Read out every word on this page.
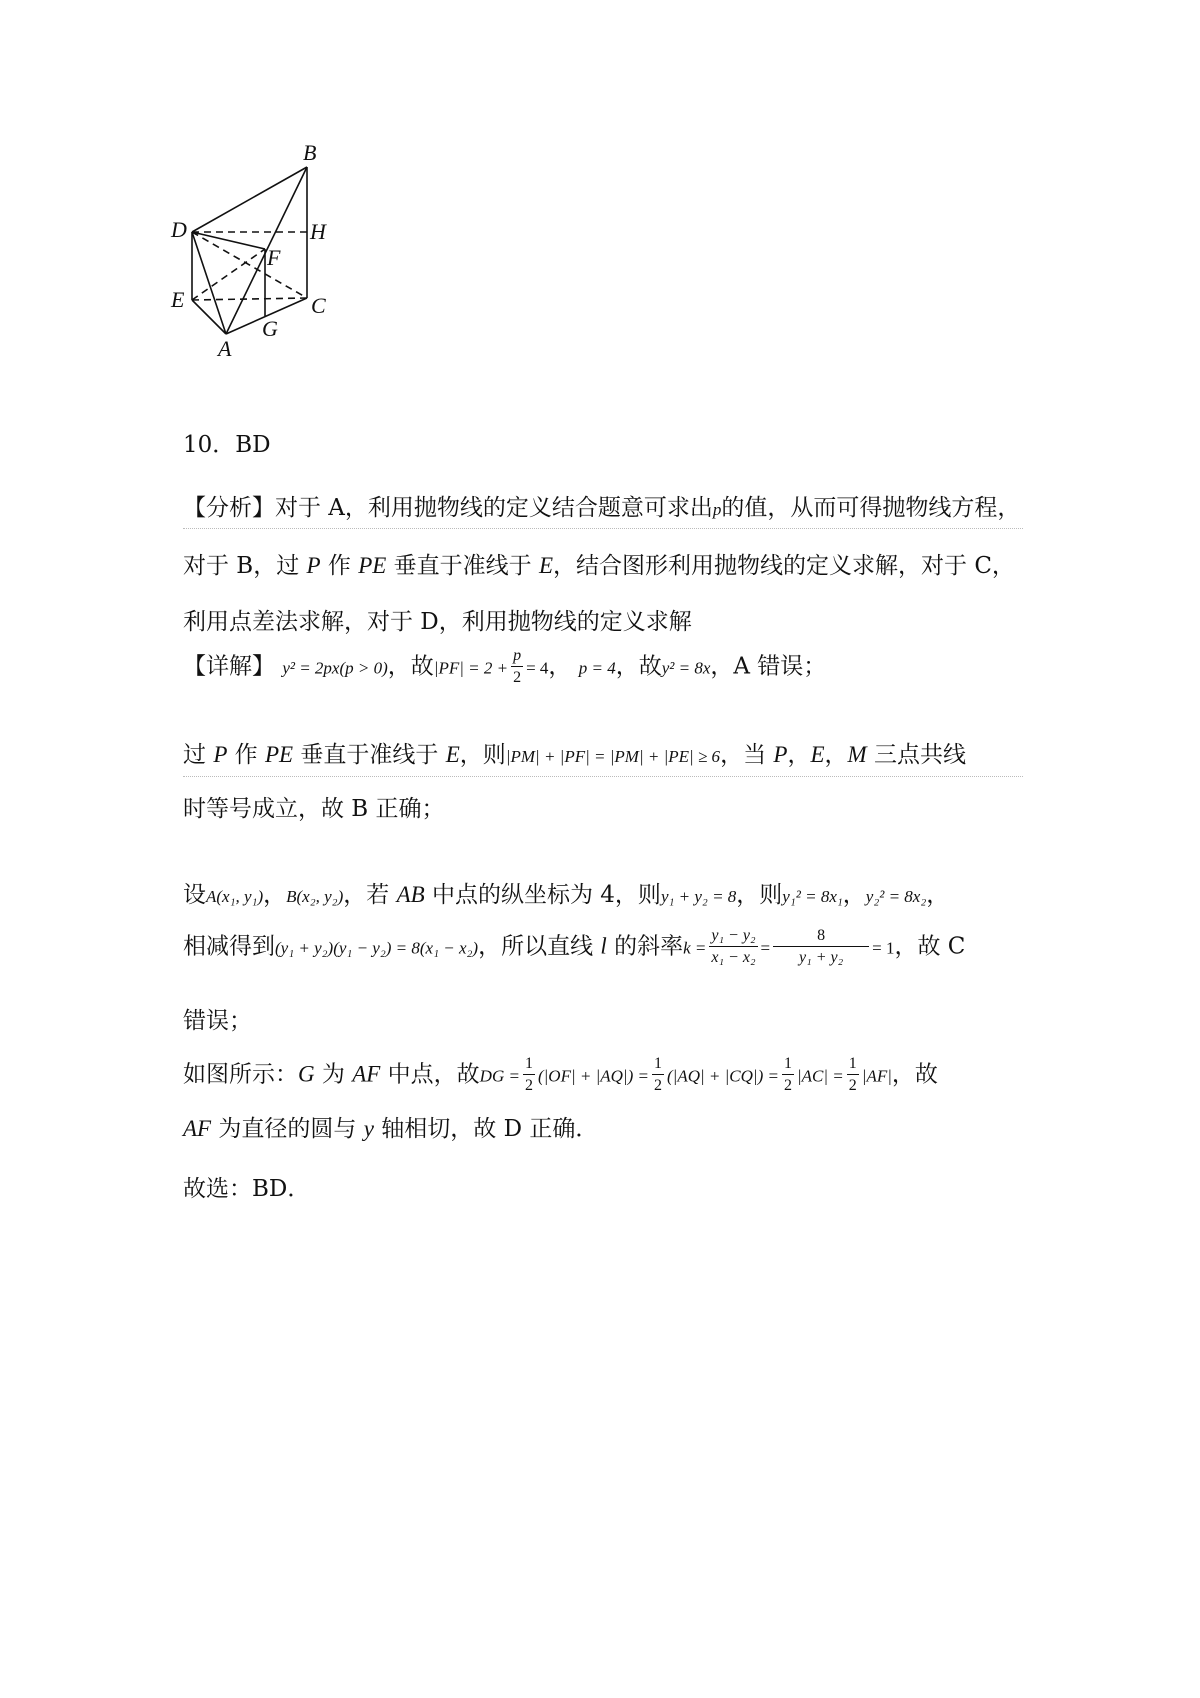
B
D	H
F
E	C
G
A
10．BD
【分析】对于 A，利用抛物线的定义结合题意可求出p的值，从而可得抛物线方程，对于 B，过 P 作 PE 垂直于准线于 E，结合图形利用抛物线的定义求解，对于 C，利用点差法求解，对于 D，利用抛物线的定义求解
【详解】 y² = 2px(p > 0)，故$|PF| = 2 + \frac{p}{2} = 4$， p = 4，故y² = 8x，A 错误；
过 P 作 PE 垂直于准线于 E，则|PM| + |PF| = |PM| + |PE| ≥ 6，当 P，E，M 三点共线
时等号成立，故 B 正确；
设A(x₁, y₁)，B(x₂, y₂)，若 AB 中点的纵坐标为 4，则y₁ + y₂ = 8，则y₁² = 8x₁，y₂² = 8x₂，
相减得到(y₁ + y₂)(y₁ − y₂) = 8(x₁ − x₂)，所以直线 l 的斜率$k = \frac{\text{y₁ − y₂}}{\text{x₁ − x₂}} = \frac{8}{\text{y₁ + y₂}} = 1$，故 C
错误；
如图所示：G 为 AF 中点，故DG = $\frac{1}{2} (|OF| + |AQ|) = \frac{1}{2} (|AQ| + |CQ|) = \frac{1}{2} |AC| = \frac{1}{2} |AF|$，故
AF 为直径的圆与 y 轴相切，故 D 正确．
故选：BD．
